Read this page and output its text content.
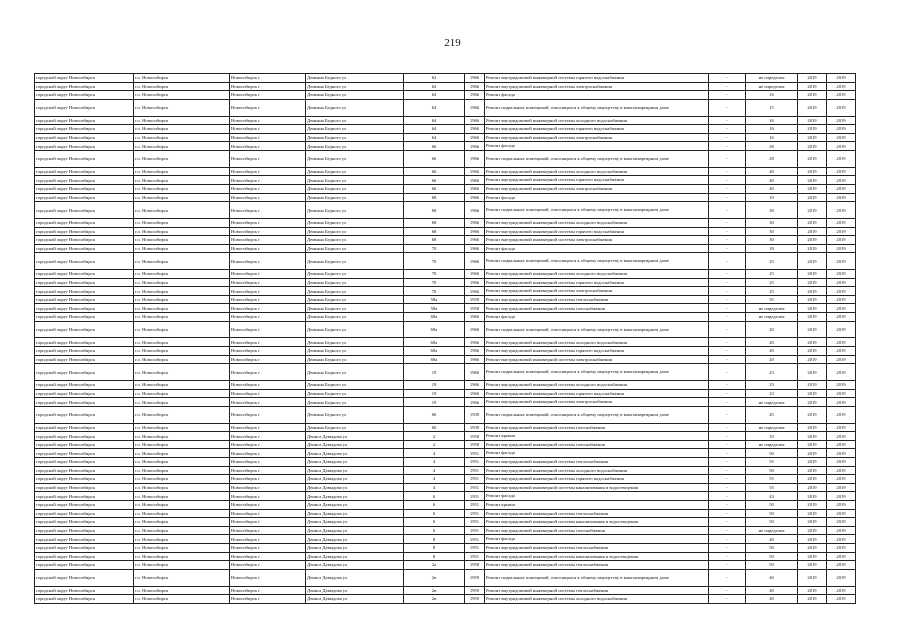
219
городской округ Новосибирск	г.о. Новосибирск	Новосибирск г	Демьяна Бедного ул	62	1966	Ремонт внутридомовой инженерной системы горячего водоснабжения	-	не определен	2019	2019
городской округ Новосибирск	г.о. Новосибирск	Новосибирск г	Демьяна Бедного ул	62	1966	Ремонт внутридомовой инженерной системы электроснабжения	-	не определен	2019	2019
городской округ Новосибирск	г.о. Новосибирск	Новосибирск г	Демьяна Бедного ул	64	1966	Ремонт фасада	-	16	2019	2019
городской округ Новосибирск	г.о. Новосибирск	Новосибирск г	Демьяна Бедного ул	64	1966	Ремонт подвальных помещений, относящихся к общему имуществу в многоквартирном доме	-	15	2019	2019
городской округ Новосибирск	г.о. Новосибирск	Новосибирск г	Демьяна Бедного ул	64	1966	Ремонт внутридомовой инженерной системы холодного водоснабжения	-	16	2019	2019
городской округ Новосибирск	г.о. Новосибирск	Новосибирск г	Демьяна Бедного ул	64	1966	Ремонт внутридомовой инженерной системы горячего водоснабжения	-	16	2019	2019
городской округ Новосибирск	г.о. Новосибирск	Новосибирск г	Демьяна Бедного ул	64	1966	Ремонт внутридомовой инженерной системы электроснабжения	-	16	2019	2019
городской округ Новосибирск	г.о. Новосибирск	Новосибирск г	Демьяна Бедного ул	66	1966	Ремонт фасада	-	28	2019	2019
городской округ Новосибирск	г.о. Новосибирск	Новосибирск г	Демьяна Бедного ул	66	1966	Ремонт подвальных помещений, относящихся к общему имуществу в многоквартирном доме	-	28	2019	2019
городской округ Новосибирск	г.о. Новосибирск	Новосибирск г	Демьяна Бедного ул	66	1966	Ремонт внутридомовой инженерной системы холодного водоснабжения	-	40	2019	2019
городской округ Новосибирск	г.о. Новосибирск	Новосибирск г	Демьяна Бедного ул	66	1966	Ремонт внутридомовой инженерной системы горячего водоснабжения	-	40	2019	2019
городской округ Новосибирск	г.о. Новосибирск	Новосибирск г	Демьяна Бедного ул	66	1966	Ремонт внутридомовой инженерной системы электроснабжения	-	40	2019	2019
городской округ Новосибирск	г.о. Новосибирск	Новосибирск г	Демьяна Бедного ул	68	1966	Ремонт фасада	-	10	2019	2019
городской округ Новосибирск	г.о. Новосибирск	Новосибирск г	Демьяна Бедного ул	68	1966	Ремонт подвальных помещений, относящихся к общему имуществу в многоквартирном доме	-	30	2019	2019
городской округ Новосибирск	г.о. Новосибирск	Новосибирск г	Демьяна Бедного ул	68	1966	Ремонт внутридомовой инженерной системы холодного водоснабжения	-	30	2019	2019
городской округ Новосибирск	г.о. Новосибирск	Новосибирск г	Демьяна Бедного ул	68	1966	Ремонт внутридомовой инженерной системы горячего водоснабжения	-	30	2019	2019
городской округ Новосибирск	г.о. Новосибирск	Новосибирск г	Демьяна Бедного ул	68	1966	Ремонт внутридомовой инженерной системы электроснабжения	-	30	2019	2019
городской округ Новосибирск	г.о. Новосибирск	Новосибирск г	Демьяна Бедного ул	70	1966	Ремонт фасада	-	18	2019	2019
городской округ Новосибирск	г.о. Новосибирск	Новосибирск г	Демьяна Бедного ул	70	1966	Ремонт подвальных помещений, относящихся к общему имуществу в многоквартирном доме	-	25	2019	2019
городской округ Новосибирск	г.о. Новосибирск	Новосибирск г	Демьяна Бедного ул	70	1966	Ремонт внутридомовой инженерной системы холодного водоснабжения	-	25	2019	2019
городской округ Новосибирск	г.о. Новосибирск	Новосибирск г	Демьяна Бедного ул	70	1966	Ремонт внутридомовой инженерной системы горячего водоснабжения	-	25	2019	2019
городской округ Новосибирск	г.о. Новосибирск	Новосибирск г	Демьяна Бедного ул	70	1966	Ремонт внутридомовой инженерной системы электроснабжения	-	25	2019	2019
городской округ Новосибирск	г.о. Новосибирск	Новосибирск г	Демьяна Бедного ул	58а	1958	Ремонт внутридомовой инженерной системы теплоснабжения	-	35	2019	2019
городской округ Новосибирск	г.о. Новосибирск	Новосибирск г	Демьяна Бедного ул	58а	1958	Ремонт внутридомовой инженерной системы газоснабжения	-	не определен	2019	2019
городской округ Новосибирск	г.о. Новосибирск	Новосибирск г	Демьяна Бедного ул	68а	1966	Ремонт фасада	-	не определен	2019	2019
городской округ Новосибирск	г.о. Новосибирск	Новосибирск г	Демьяна Бедного ул	68а	1966	Ремонт подвальных помещений, относящихся к общему имуществу в многоквартирном доме	-	20	2019	2019
городской округ Новосибирск	г.о. Новосибирск	Новосибирск г	Демьяна Бедного ул	68а	1966	Ремонт внутридомовой инженерной системы холодного водоснабжения	-	20	2019	2019
городской округ Новосибирск	г.о. Новосибирск	Новосибирск г	Демьяна Бедного ул	68а	1966	Ремонт внутридомовой инженерной системы горячего водоснабжения	-	20	2019	2019
городской округ Новосибирск	г.о. Новосибирск	Новосибирск г	Демьяна Бедного ул	68а	1966	Ремонт внутридомовой инженерной системы электроснабжения	-	20	2019	2019
городской округ Новосибирск	г.о. Новосибирск	Новосибирск г	Демьяна Бедного ул	19	1966	Ремонт подвальных помещений, относящихся к общему имуществу в многоквартирном доме	-	23	2019	2019
городской округ Новосибирск	г.о. Новосибирск	Новосибирск г	Демьяна Бедного ул	19	1966	Ремонт внутридомовой инженерной системы холодного водоснабжения	-	23	2019	2019
городской округ Новосибирск	г.о. Новосибирск	Новосибирск г	Демьяна Бедного ул	19	1966	Ремонт внутридомовой инженерной системы горячего водоснабжения	-	23	2019	2019
городской округ Новосибирск	г.о. Новосибирск	Новосибирск г	Демьяна Бедного ул	19	1966	Ремонт внутридомовой инженерной системы электроснабжения	-	не определен	2019	2019
городской округ Новосибирск	г.о. Новосибирск	Новосибирск г	Демьяна Бедного ул	60	1939	Ремонт подвальных помещений, относящихся к общему имуществу в многоквартирном доме	-	45	2019	2019
городской округ Новосибирск	г.о. Новосибирск	Новосибирск г	Демьяна Бедного ул	60	1939	Ремонт внутридомовой инженерной системы газоснабжения	-	не определен	2019	2019
городской округ Новосибирск	г.о. Новосибирск	Новосибирск г	Дениса Давыдова ул	2	1958	Ремонт крыши	-	10	2019	2019
городской округ Новосибирск	г.о. Новосибирск	Новосибирск г	Дениса Давыдова ул	2	1958	Ремонт внутридомовой инженерной системы газоснабжения	-	не определен	2019	2019
городской округ Новосибирск	г.о. Новосибирск	Новосибирск г	Дениса Давыдова ул	4	1951	Ремонт фасада	-	50	2019	2019
городской округ Новосибирск	г.о. Новосибирск	Новосибирск г	Дениса Давыдова ул	4	1951	Ремонт внутридомовой инженерной системы теплоснабжения	-	55	2019	2019
городской округ Новосибирск	г.о. Новосибирск	Новосибирск г	Дениса Давыдова ул	4	1951	Ремонт внутридомовой инженерной системы холодного водоснабжения	-	50	2019	2019
городской округ Новосибирск	г.о. Новосибирск	Новосибирск г	Дениса Давыдова ул	4	1951	Ремонт внутридомовой инженерной системы горячего водоснабжения	-	55	2019	2019
городской округ Новосибирск	г.о. Новосибирск	Новосибирск г	Дениса Давыдова ул	4	1951	Ремонт внутридомовой инженерной системы канализования и водоотведения	-	55	2019	2019
городской округ Новосибирск	г.о. Новосибирск	Новосибирск г	Дениса Давыдова ул	6	1951	Ремонт фасада	-	43	2019	2019
городской округ Новосибирск	г.о. Новосибирск	Новосибирск г	Дениса Давыдова ул	6	1951	Ремонт крыши	-	50	2019	2019
городской округ Новосибирск	г.о. Новосибирск	Новосибирск г	Дениса Давыдова ул	6	1951	Ремонт внутридомовой инженерной системы теплоснабжения	-	50	2019	2019
городской округ Новосибирск	г.о. Новосибирск	Новосибирск г	Дениса Давыдова ул	6	1951	Ремонт внутридомовой инженерной системы канализования и водоотведения	-	50	2019	2019
городской округ Новосибирск	г.о. Новосибирск	Новосибирск г	Дениса Давыдова ул	6	1951	Ремонт внутридомовой инженерной системы газоснабжения	-	не определен	2019	2019
городской округ Новосибирск	г.о. Новосибирск	Новосибирск г	Дениса Давыдова ул	8	1951	Ремонт фасада	-	40	2019	2019
городской округ Новосибирск	г.о. Новосибирск	Новосибирск г	Дениса Давыдова ул	8	1951	Ремонт внутридомовой инженерной системы теплоснабжения	-	50	2019	2019
городской округ Новосибирск	г.о. Новосибирск	Новосибирск г	Дениса Давыдова ул	8	1951	Ремонт внутридомовой инженерной системы канализования и водоотведения	-	50	2019	2019
городской округ Новосибирск	г.о. Новосибирск	Новосибирск г	Дениса Давыдова ул	2а	1958	Ремонт внутридомовой инженерной системы теплоснабжения	-	50	2019	2019
городской округ Новосибирск	г.о. Новосибирск	Новосибирск г	Дениса Давыдова ул	2в	1959	Ремонт подвальных помещений, относящихся к общему имуществу в многоквартирном доме	-	46	2019	2019
городской округ Новосибирск	г.о. Новосибирск	Новосибирск г	Дениса Давыдова ул	2в	1959	Ремонт внутридомовой инженерной системы теплоснабжения	-	40	2019	2019
городской округ Новосибирск	г.о. Новосибирск	Новосибирск г	Дениса Давыдова ул	2в	1959	Ремонт внутридомовой инженерной системы холодного водоснабжения	-	40	2019	2019
